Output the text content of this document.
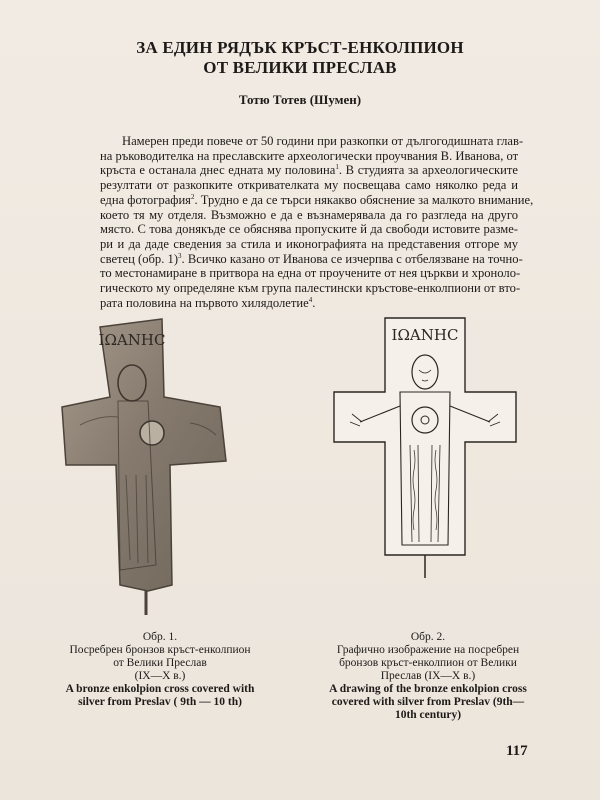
ЗА ЕДИН РЯДЪК КРЪСТ-ЕНКОЛПИОН
ОТ ВЕЛИКИ ПРЕСЛАВ
Тотю Тотев (Шумен)
Намерен преди повече от 50 години при разкопки от дългогодишната глав-
на ръководителка на преславските археологически проучвания В. Иванова, от
кръста е останала днес едната му половина$^1$. В студията за археологическите
резултати от разкопките откривателката му посвещава само няколко реда и
една фотография$^2$. Трудно е да се търси някакво обяснение за малкото внимание,
което тя му отделя. Възможно е да е възнамерявала да го разгледа на друго
място. С това донякъде се обяснява пропуските й да свободи истовите разме-
ри и да даде сведения за стила и иконографията на представения отгоре му
светец (обр. 1)$^3$. Всичко казано от Иванова се изчерпва с отбелязване на точно-
то местонамиране в притвора на една от проучените от нея църкви и хроноло-
гическото му определяне към група палестински кръстове-енколпиони от вто-
рата половина на първото хилядолетие$^4$.
ΙΩΑΝΗС	ΙΩΑΝΗС
Обр. 1.
Посребрен бронзов кръст-енколпион
от Велики Преслав
(IX—X в.)
A bronze enkolpion cross covered with
silver from Preslav ( 9th — 10 th)
Обр. 2.
Графично изображение на посребрен
бронзов кръст-енколпион от Велики
Преслав (IX—X в.)
A drawing of the bronze enkolpion cross
covered with silver from Preslav (9th—
10th century)
117
